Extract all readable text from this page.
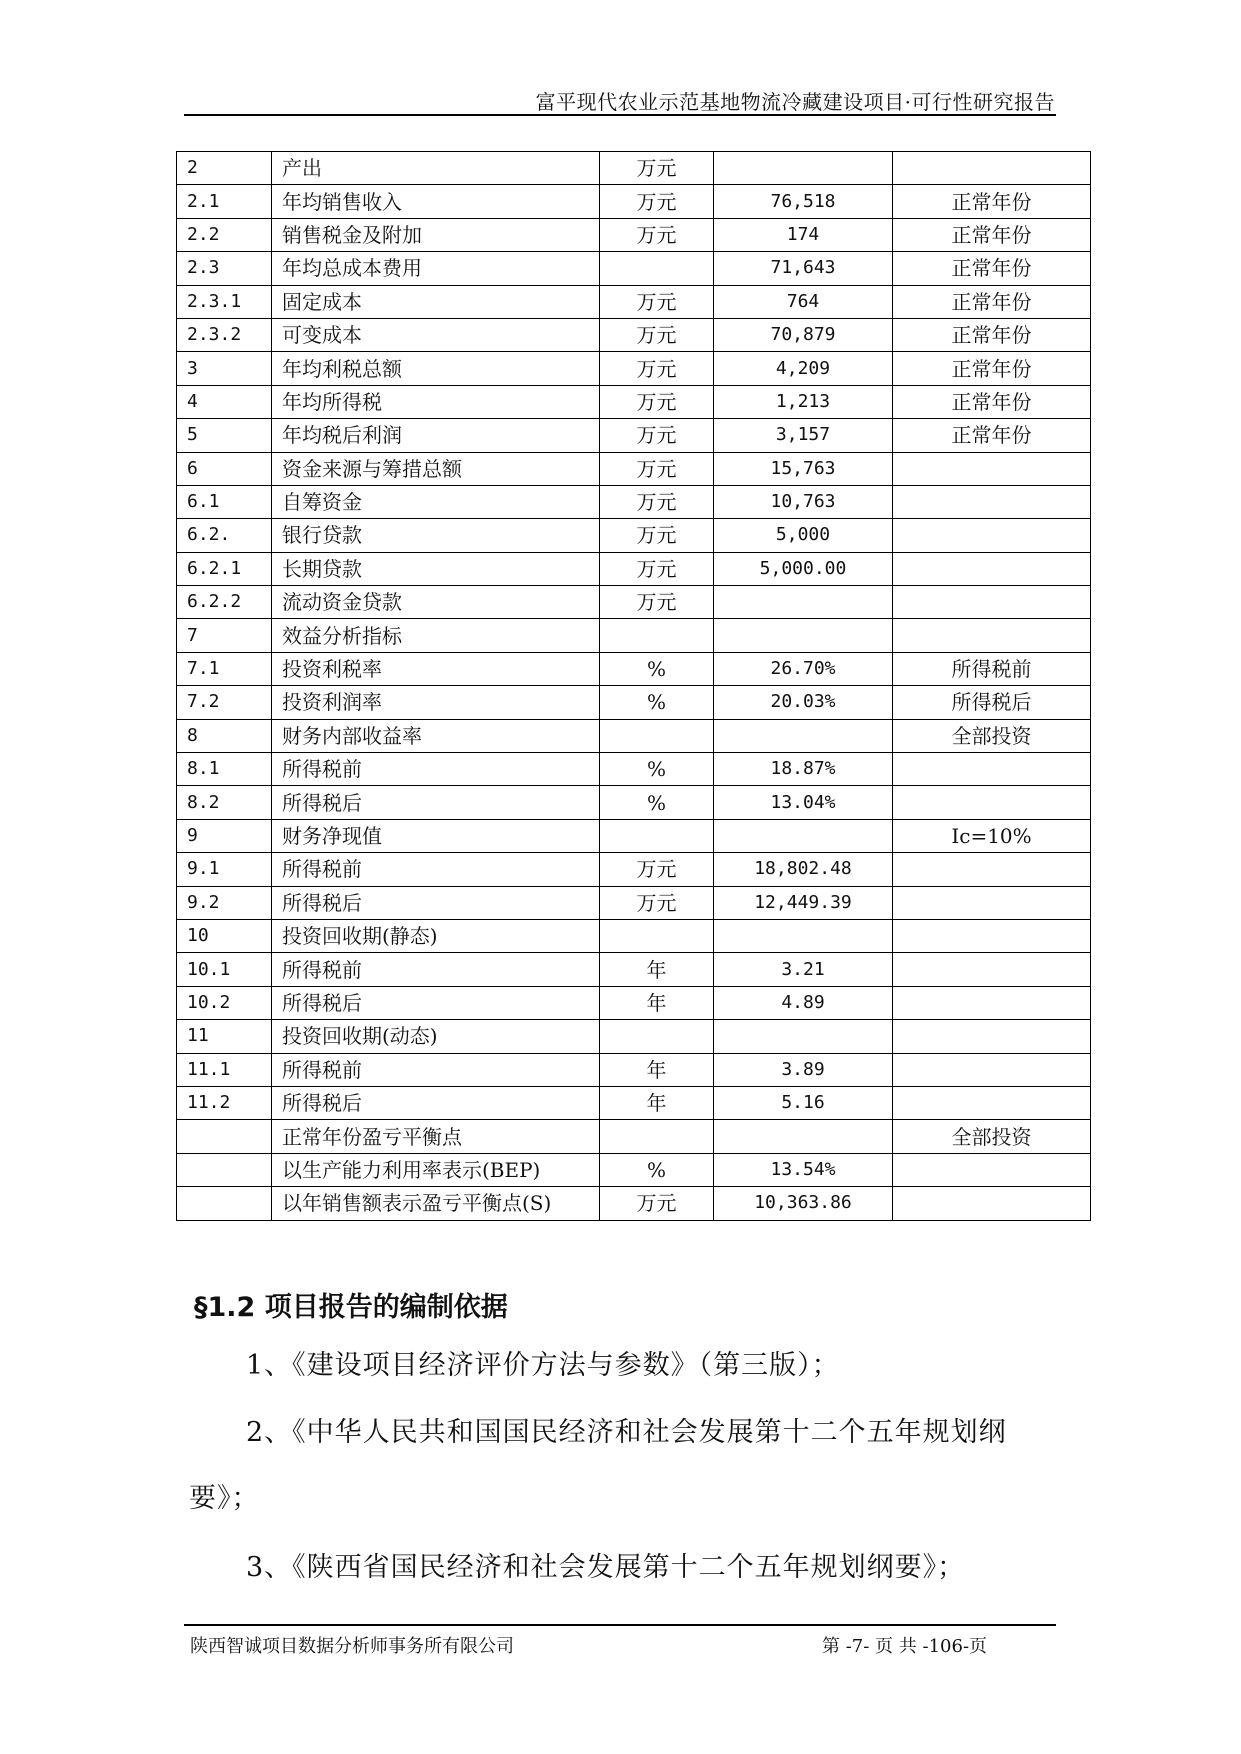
富平现代农业示范基地物流冷藏建设项目·可行性研究报告
2	产出	万元		
2.1	年均销售收入	万元	76,518	正常年份
2.2	销售税金及附加	万元	174	正常年份
2.3	年均总成本费用		71,643	正常年份
2.3.1	固定成本	万元	764	正常年份
2.3.2	可变成本	万元	70,879	正常年份
3	年均利税总额	万元	4,209	正常年份
4	年均所得税	万元	1,213	正常年份
5	年均税后利润	万元	3,157	正常年份
6	资金来源与筹措总额	万元	15,763	
6.1	自筹资金	万元	10,763	
6.2.	银行贷款	万元	5,000	
6.2.1	长期贷款	万元	5,000.00	
6.2.2	流动资金贷款	万元		
7	效益分析指标			
7.1	投资利税率	%	26.70%	所得税前
7.2	投资利润率	%	20.03%	所得税后
8	财务内部收益率			全部投资
8.1	所得税前	%	18.87%	
8.2	所得税后	%	13.04%	
9	财务净现值			Ic=10%
9.1	所得税前	万元	18,802.48	
9.2	所得税后	万元	12,449.39	
10	投资回收期(静态)			
10.1	所得税前	年	3.21	
10.2	所得税后	年	4.89	
11	投资回收期(动态)			
11.1	所得税前	年	3.89	
11.2	所得税后	年	5.16	
	正常年份盈亏平衡点			全部投资
	以生产能力利用率表示(BEP)	%	13.54%	
	以年销售额表示盈亏平衡点(S)	万元	10,363.86	
§1.2 项目报告的编制依据
1、《建设项目经济评价方法与参数》（第三版）；
2、《中华人民共和国国民经济和社会发展第十二个五年规划纲
要》；
3、《陕西省国民经济和社会发展第十二个五年规划纲要》；
陕西智诚项目数据分析师事务所有限公司	第 -7- 页 共 -106-页
